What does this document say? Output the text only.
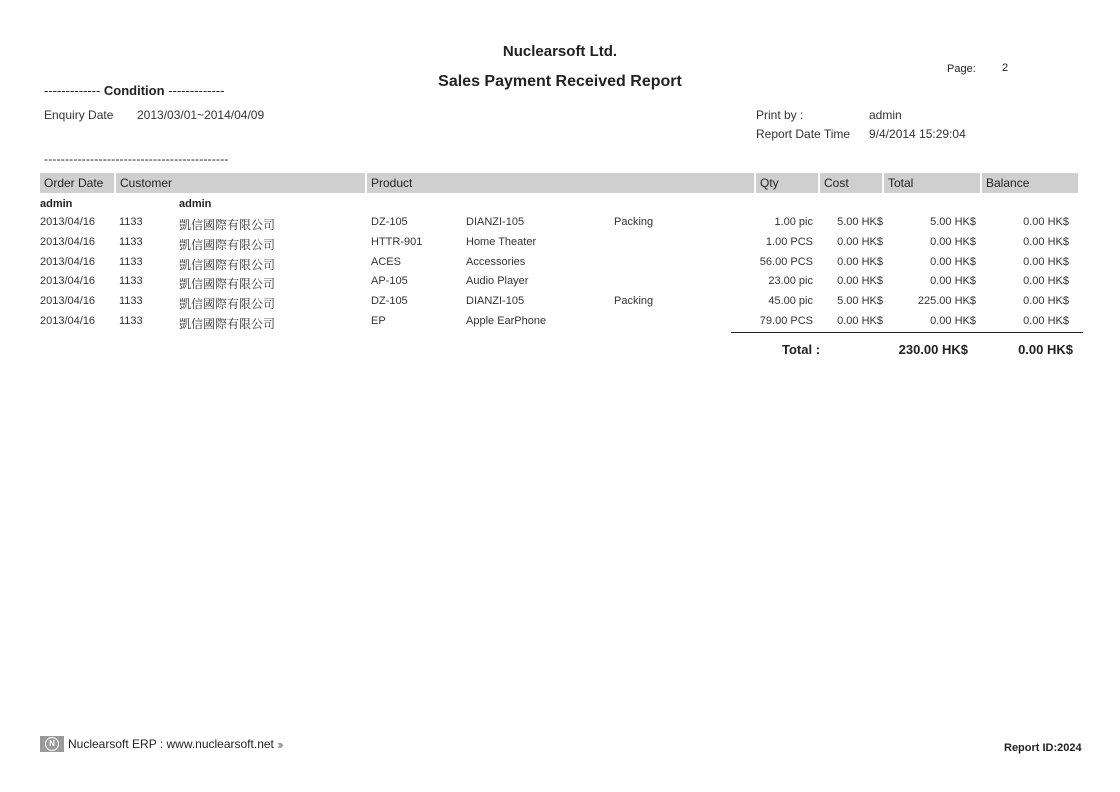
Nuclearsoft Ltd.
Sales Payment Received Report
Page: 2
------------- Condition -------------
Enquiry Date 2013/03/01~2014/04/09
--------------------------------------------
Print by :	admin
Report Date Time 9/4/2014 15:29:04
Order Date	Customer	Product	Qty	Cost	Total	Balance
admin	admin
2013/04/16	1133	凱信國際有限公司	DZ-105	DIANZI-105	Packing	1.00 pic	5.00 HK$	5.00 HK$	0.00 HK$
2013/04/16	1133	凱信國際有限公司	HTTR-901	Home Theater	1.00 PCS	0.00 HK$	0.00 HK$	0.00 HK$
2013/04/16	1133	凱信國際有限公司	ACES	Accessories	56.00 PCS	0.00 HK$	0.00 HK$	0.00 HK$
2013/04/16	1133	凱信國際有限公司	AP-105	Audio Player	23.00 pic	0.00 HK$	0.00 HK$	0.00 HK$
2013/04/16	1133	凱信國際有限公司	DZ-105	DIANZI-105	Packing	45.00 pic	5.00 HK$	225.00 HK$	0.00 HK$
2013/04/16	1133	凱信國際有限公司	EP	Apple EarPhone	79.00 PCS	0.00 HK$	0.00 HK$	0.00 HK$
Total :	230.00 HK$	0.00 HK$
N	Nuclearsoft ERP : www.nuclearsoft.net ›››	Report ID:2024
